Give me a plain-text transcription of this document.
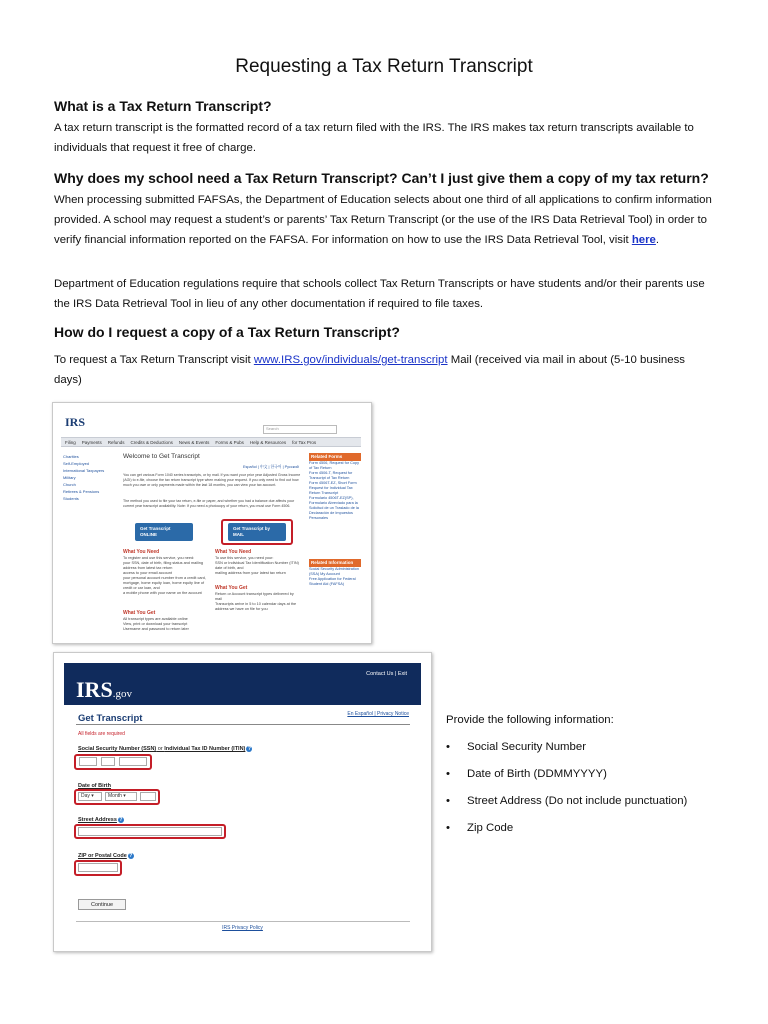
Requesting a Tax Return Transcript
What is a Tax Return Transcript?
A tax return transcript is the formatted record of a tax return filed with the IRS. The IRS makes tax return transcripts available to individuals that request it free of charge.
Why does my school need a Tax Return Transcript? Can’t I just give them a copy of my tax return?
When processing submitted FAFSAs, the Department of Education selects about one third of all applications to confirm information provided. A school may request a student’s or parents’ Tax Return Transcript (or the use of the IRS Data Retrieval Tool) in order to verify financial information reported on the FAFSA. For information on how to use the IRS Data Retrieval Tool, visit here.
Department of Education regulations require that schools collect Tax Return Transcripts or have students and/or their parents use the IRS Data Retrieval Tool in lieu of any other documentation if required to file taxes.
How do I request a copy of a Tax Return Transcript?
To request a Tax Return Transcript visit www.IRS.gov/individuals/get-transcript Mail (received via mail in about (5-10 business days)
IRS	Search
Filing Payments Refunds Credits & Deductions News & Events Forms & Pubs Help & Resources for Tax Pros
Charities
Self-Employed
International Taxpayers
Military
Church
Retirees & Pensions
Students
Welcome to Get Transcript
Español | 中文 | 한국어 | Русский
You can get various Form 1040 series transcripts, or by mail. If you want your prior year Adjusted Gross Income (AGI) to e-file, choose the tax return transcript type when making your request. If you only need to find out how much you owe or only payments made within the last 18 months, you can view your tax account.
The method you used to file your tax return, e-file or paper, and whether you had a balance due affects your current year transcript availability. Note: If you need a photocopy of your return, you must use Form 4506.
Get Transcript
ONLINE
Get Transcript by
MAIL
What You Need
To register and use this service, you need:
your SSN, date of birth, filing status and mailing address from latest tax return
access to your email account
your personal account number from a credit card, mortgage, home equity loan, home equity line of credit or car loan, and
a mobile phone with your name on the account
What You Need
To use this service, you need your:
SSN or Individual Tax Identification Number (ITIN)
date of birth, and
mailing address from your latest tax return
What You Get
All transcript types are available online
View, print or download your transcript
Username and password to return later
What You Get
Return or Account transcript types delivered by mail
Transcripts arrive in 5 to 10 calendar days at the address we have on file for you
Related Forms
Form 4506, Request for Copy of Tax Return
Form 4506-T, Request for Transcript of Tax Return
Form 4506T-EZ, Short Form Request for Individual Tax Return Transcript
Formulario 4506T-EZ(SP), Formulario Abreviado para la Solicitud de un Traslado de la Declaración de Impuestos Personales
Related Information
Social Security Administration (SSA) My Account
Free Application for Federal Student Aid (FAFSA)
IRS.gov
Contact Us | Exit
Get Transcript	En Español | Privacy Notice
All fields are required
Social Security Number (SSN) or Individual Tax ID Number (ITIN) ?
Date of Birth
Day ▾	Month ▾
Street Address ?
ZIP or Postal Code ?
Continue
IRS Privacy Policy
Provide the following information:
• Social Security Number
• Date of Birth (DDMMYYYY)
• Street Address (Do not include punctuation)
• Zip Code
